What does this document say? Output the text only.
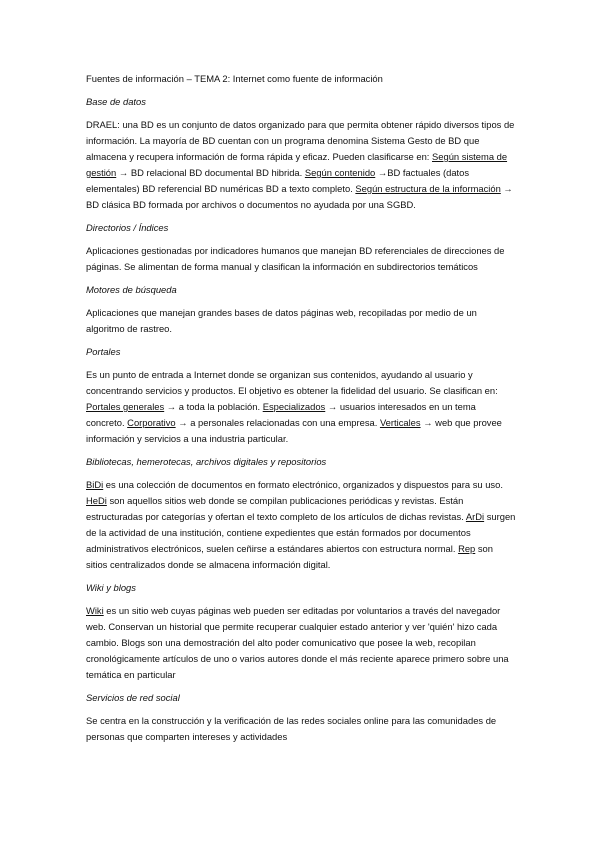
Fuentes de información – TEMA 2: Internet como fuente de información
Base de datos
DRAEL: una BD es un conjunto de datos organizado para que permita obtener rápido diversos tipos de información. La mayoría de BD cuentan con un programa denomina Sistema Gesto de BD que almacena y recupera información de forma rápida y eficaz. Pueden clasificarse en: Según sistema de gestión → BD relacional BD documental BD hibrida. Según contenido →BD factuales (datos elementales) BD referencial BD numéricas BD a texto completo. Según estructura de la información → BD clásica BD formada por archivos o documentos no ayudada por una SGBD.
Directorios / Índices
Aplicaciones gestionadas por indicadores humanos que manejan BD referenciales de direcciones de páginas. Se alimentan de forma manual y clasifican la información en subdirectorios temáticos
Motores de búsqueda
Aplicaciones que manejan grandes bases de datos páginas web, recopiladas por medio de un algoritmo de rastreo.
Portales
Es un punto de entrada a Internet donde se organizan sus contenidos, ayudando al usuario y concentrando servicios y productos. El objetivo es obtener la fidelidad del usuario. Se clasifican en: Portales generales → a toda la población. Especializados → usuarios interesados en un tema concreto. Corporativo → a personales relacionadas con una empresa. Verticales → web que provee información y servicios a una industria particular.
Bibliotecas, hemerotecas, archivos digitales y repositorios
BiDi es una colección de documentos en formato electrónico, organizados y dispuestos para su uso. HeDi son aquellos sitios web donde se compilan publicaciones periódicas y revistas. Están estructuradas por categorías y ofertan el texto completo de los artículos de dichas revistas. ArDi surgen de la actividad de una institución, contiene expedientes que están formados por documentos administrativos electrónicos, suelen ceñirse a estándares abiertos con estructura normal. Rep son sitios centralizados donde se almacena información digital.
Wiki y blogs
Wiki es un sitio web cuyas páginas web pueden ser editadas por voluntarios a través del navegador web. Conservan un historial que permite recuperar cualquier estado anterior y ver 'quién' hizo cada cambio. Blogs son una demostración del alto poder comunicativo que posee la web, recopilan cronológicamente artículos de uno o varios autores donde el más reciente aparece primero sobre una temática en particular
Servicios de red social
Se centra en la construcción y la verificación de las redes sociales online para las comunidades de personas que comparten intereses y actividades
